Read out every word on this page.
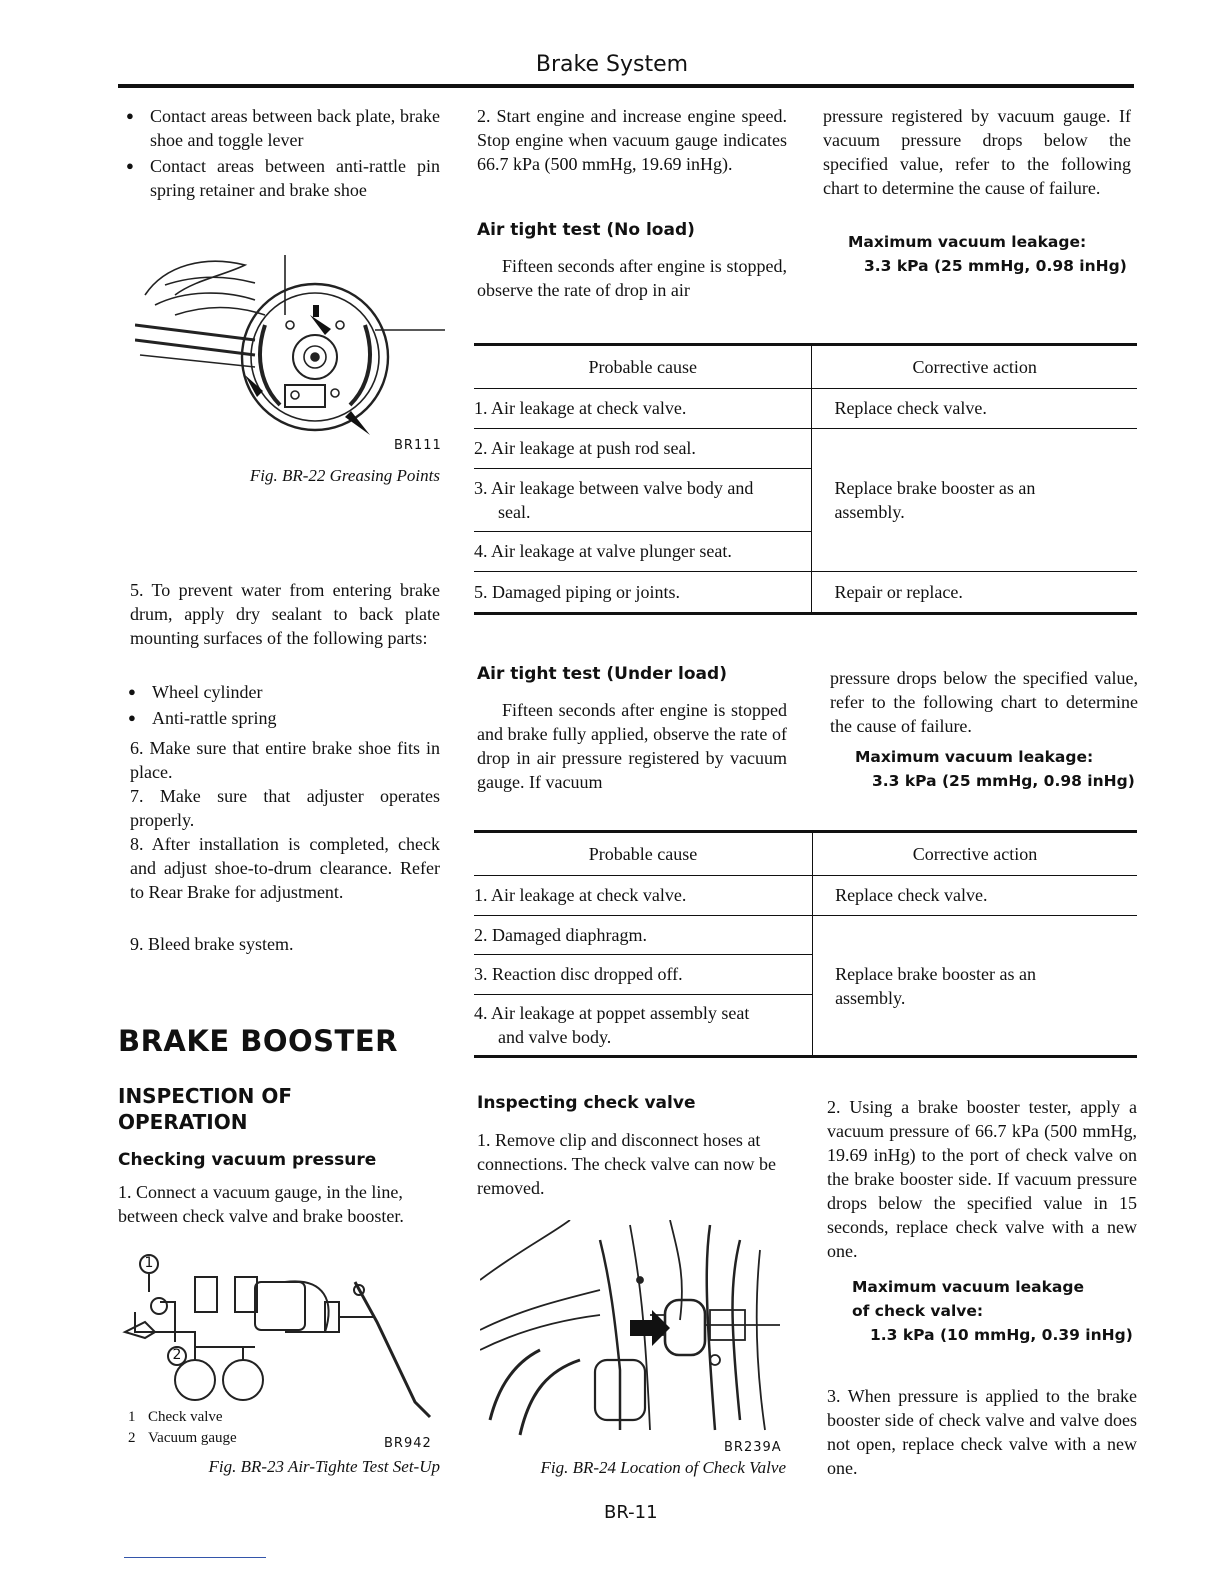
Brake System
● Contact areas between back plate, brake shoe and toggle lever
● Contact areas between anti-rattle pin spring retainer and brake shoe
BR111
Fig. BR-22 Greasing Points
5. To prevent water from entering brake drum, apply dry sealant to back plate mounting surfaces of the following parts:
● Wheel cylinder
● Anti-rattle spring
6. Make sure that entire brake shoe fits in place.
7. Make sure that adjuster operates properly.
8. After installation is completed, check and adjust shoe-to-drum clearance. Refer to Rear Brake for adjustment.
9. Bleed brake system.
BRAKE BOOSTER
INSPECTION OF OPERATION
Checking vacuum pressure
1. Connect a vacuum gauge, in the line, between check valve and brake booster.
1
2
1 Check valve
2 Vacuum gauge	BR942
Fig. BR-23 Air-Tighte Test Set-Up
2. Start engine and increase engine speed. Stop engine when vacuum gauge indicates 66.7 kPa (500 mmHg, 19.69 inHg).
Air tight test (No load)
Fifteen seconds after engine is stopped, observe the rate of drop in air
pressure registered by vacuum gauge. If vacuum pressure drops below the specified value, refer to the following chart to determine the cause of failure.
Maximum vacuum leakage:
3.3 kPa (25 mmHg, 0.98 inHg)
Probable cause	Corrective action
1. Air leakage at check valve.	Replace check valve.
2. Air leakage at push rod seal.	Replace brake booster as an assembly.

3. Air leakage between valve body and
seal.	

4. Air leakage at valve plunger seat.	
5. Damaged piping or joints.	Repair or replace.
Air tight test (Under load)
Fifteen seconds after engine is stopped and brake fully applied, observe the rate of drop in air pressure registered by vacuum gauge. If vacuum
pressure drops below the specified value, refer to the following chart to determine the cause of failure.
Maximum vacuum leakage:
3.3 kPa (25 mmHg, 0.98 inHg)
Probable cause	Corrective action
1. Air leakage at check valve.	Replace check valve.
2. Damaged diaphragm.	Replace brake booster as an assembly.
3. Reaction disc dropped off.	

4. Air leakage at poppet assembly seat
and valve body.	
Inspecting check valve
1. Remove clip and disconnect hoses at connections. The check valve can now be removed.
BR239A
Fig. BR-24 Location of Check Valve
2. Using a brake booster tester, apply a vacuum pressure of 66.7 kPa (500 mmHg, 19.69 inHg) to the port of check valve on the brake booster side. If vacuum pressure drops below the specified value in 15 seconds, replace check valve with a new one.
Maximum vacuum leakage
of check valve:
1.3 kPa (10 mmHg, 0.39 inHg)
3. When pressure is applied to the brake booster side of check valve and valve does not open, replace check valve with a new one.
BR-11
